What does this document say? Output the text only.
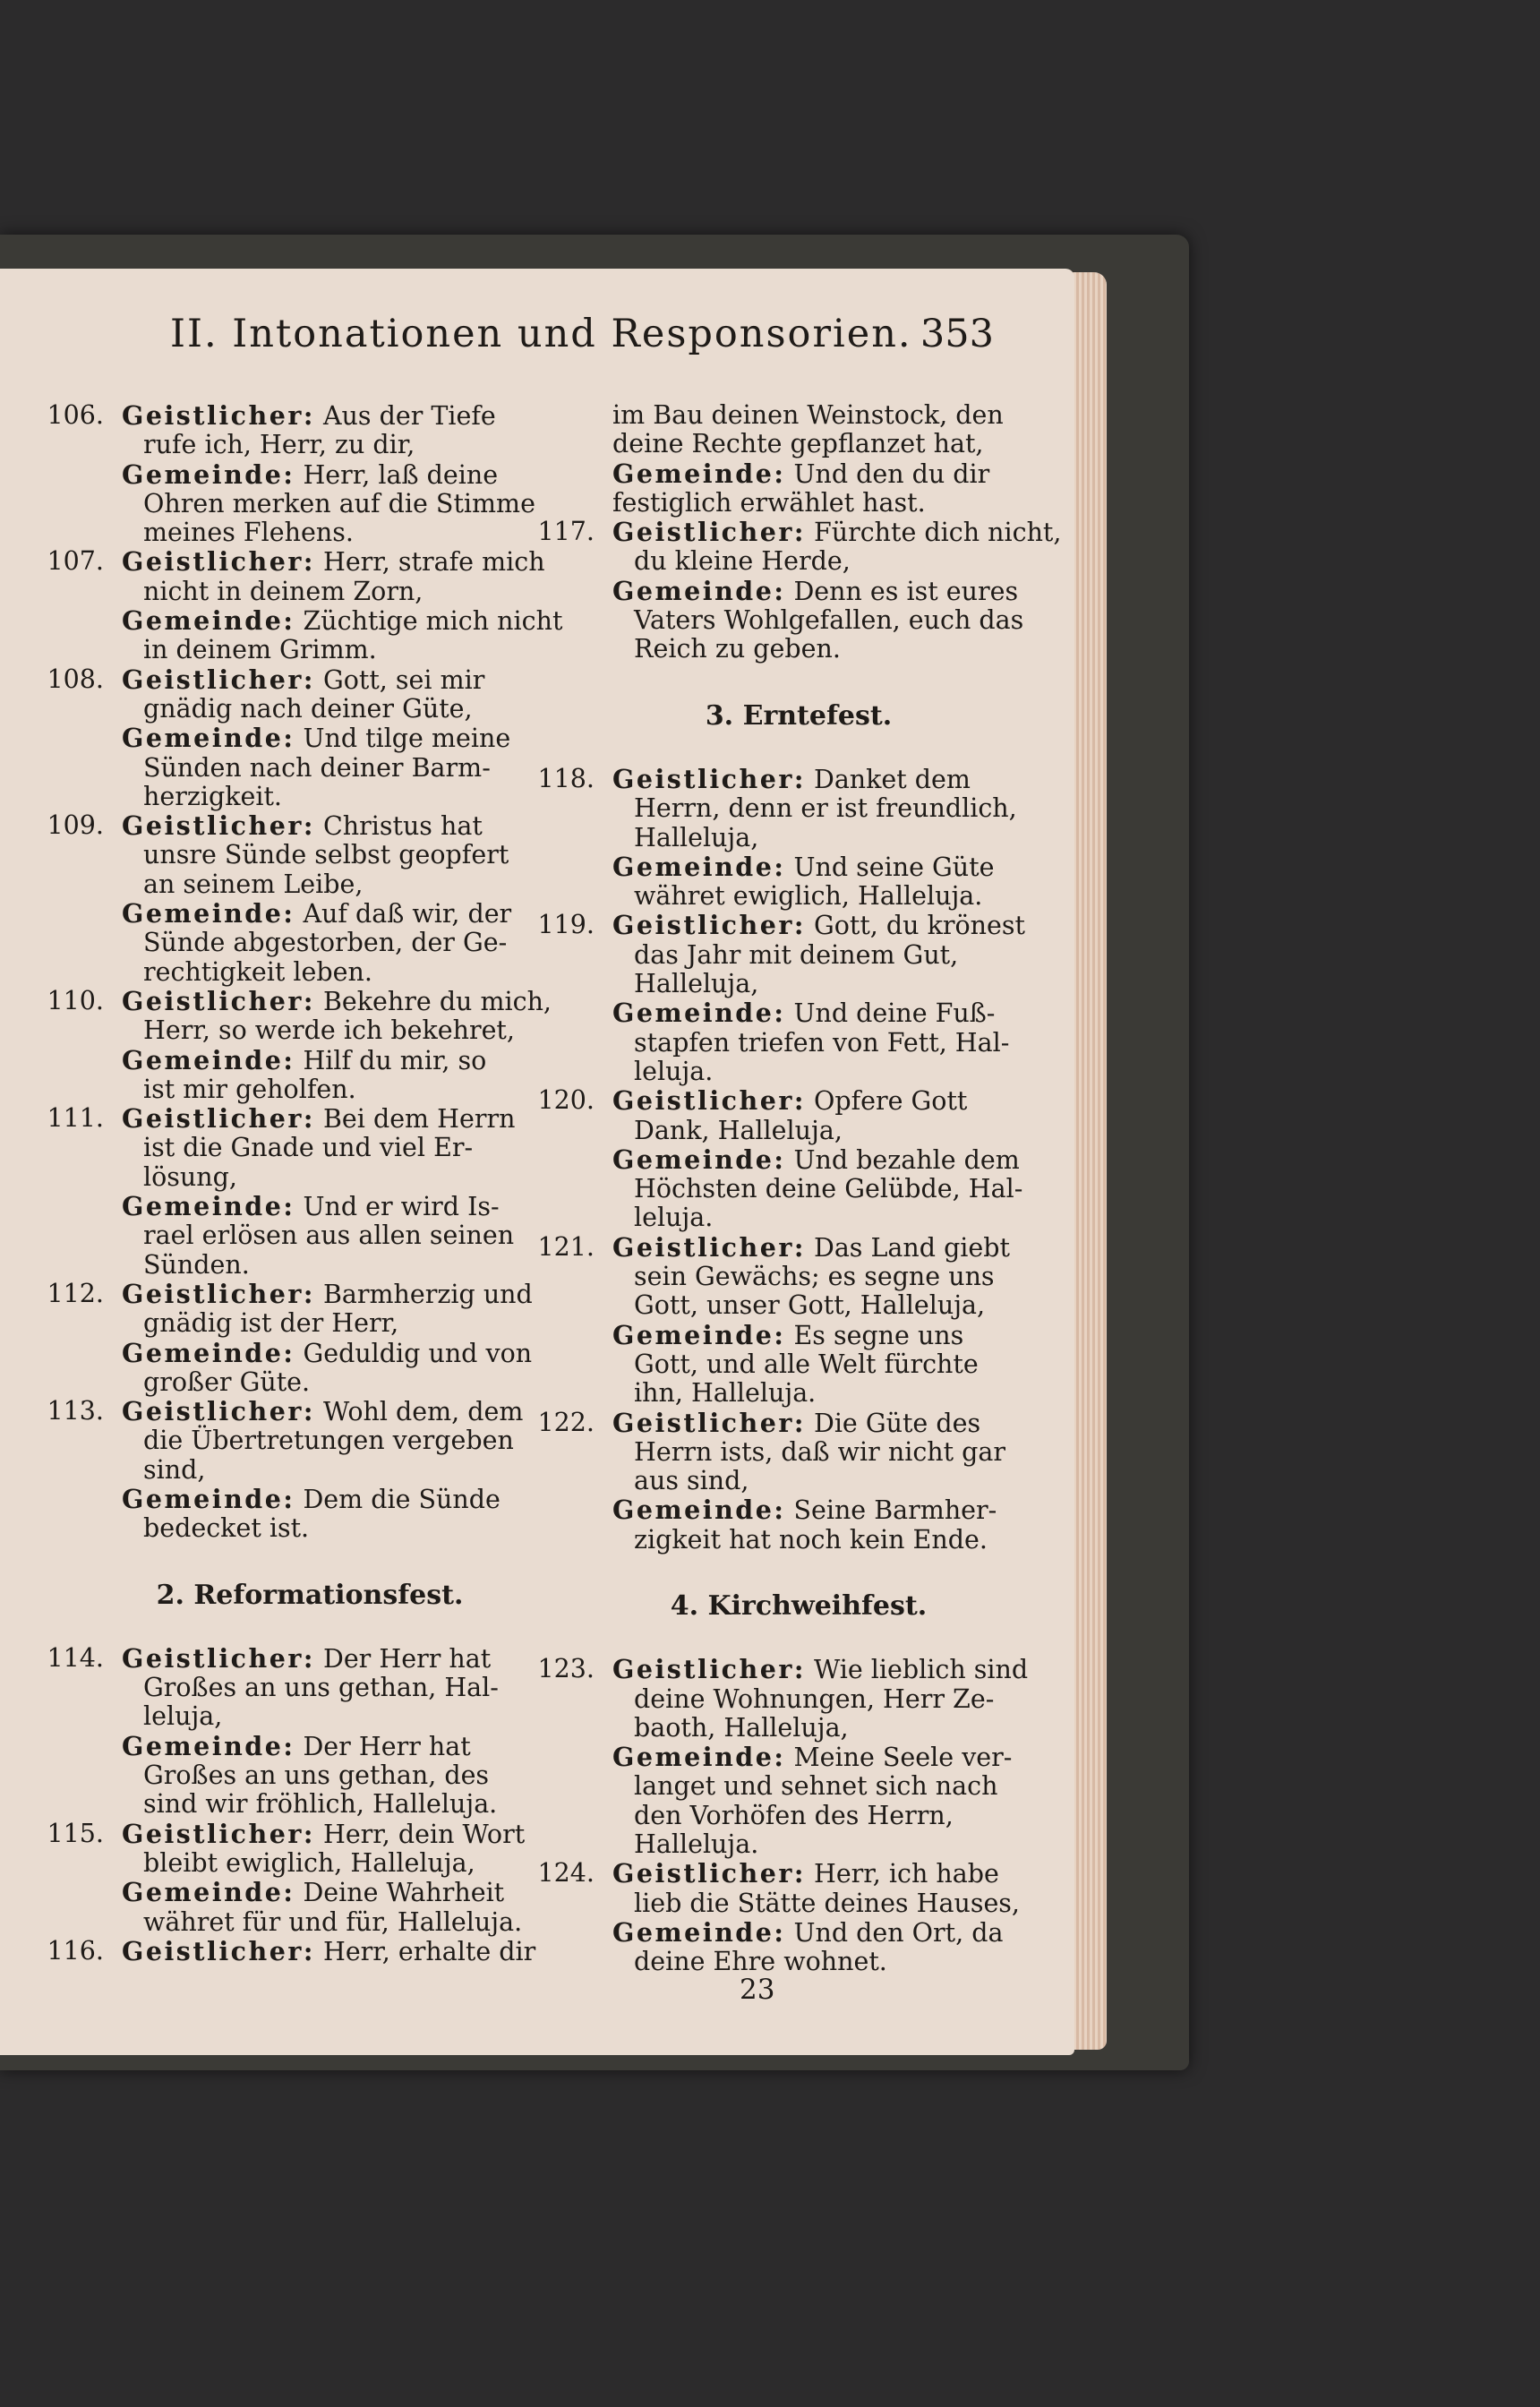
II. Intonationen und Responsorien. 353
106. Geistlicher: Aus der Tiefe
rufe ich, Herr, zu dir,
Gemeinde: Herr, laß deine
Ohren merken auf die Stimme
meines Flehens.
107. Geistlicher: Herr, strafe mich
nicht in deinem Zorn,
Gemeinde: Züchtige mich nicht
in deinem Grimm.
108. Geistlicher: Gott, sei mir
gnädig nach deiner Güte,
Gemeinde: Und tilge meine
Sünden nach deiner Barm-
herzigkeit.
109. Geistlicher: Christus hat
unsre Sünde selbst geopfert
an seinem Leibe,
Gemeinde: Auf daß wir, der
Sünde abgestorben, der Ge-
rechtigkeit leben.
110. Geistlicher: Bekehre du mich,
Herr, so werde ich bekehret,
Gemeinde: Hilf du mir, so
ist mir geholfen.
111. Geistlicher: Bei dem Herrn
ist die Gnade und viel Er-
lösung,
Gemeinde: Und er wird Is-
rael erlösen aus allen seinen
Sünden.
112. Geistlicher: Barmherzig und
gnädig ist der Herr,
Gemeinde: Geduldig und von
großer Güte.
113. Geistlicher: Wohl dem, dem
die Übertretungen vergeben
sind,
Gemeinde: Dem die Sünde
bedecket ist.
2. Reformationsfest.
114. Geistlicher: Der Herr hat
Großes an uns gethan, Hal-
leluja,
Gemeinde: Der Herr hat
Großes an uns gethan, des
sind wir fröhlich, Halleluja.
115. Geistlicher: Herr, dein Wort
bleibt ewiglich, Halleluja,
Gemeinde: Deine Wahrheit
währet für und für, Halleluja.
116. Geistlicher: Herr, erhalte dir
im Bau deinen Weinstock, den
deine Rechte gepflanzet hat,
Gemeinde: Und den du dir
festiglich erwählet hast.
117. Geistlicher: Fürchte dich nicht,
du kleine Herde,
Gemeinde: Denn es ist eures
Vaters Wohlgefallen, euch das
Reich zu geben.
3. Erntefest.
118. Geistlicher: Danket dem
Herrn, denn er ist freundlich,
Halleluja,
Gemeinde: Und seine Güte
währet ewiglich, Halleluja.
119. Geistlicher: Gott, du krönest
das Jahr mit deinem Gut,
Halleluja,
Gemeinde: Und deine Fuß-
stapfen triefen von Fett, Hal-
leluja.
120. Geistlicher: Opfere Gott
Dank, Halleluja,
Gemeinde: Und bezahle dem
Höchsten deine Gelübde, Hal-
leluja.
121. Geistlicher: Das Land giebt
sein Gewächs; es segne uns
Gott, unser Gott, Halleluja,
Gemeinde: Es segne uns
Gott, und alle Welt fürchte
ihn, Halleluja.
122. Geistlicher: Die Güte des
Herrn ists, daß wir nicht gar
aus sind,
Gemeinde: Seine Barmher-
zigkeit hat noch kein Ende.
4. Kirchweihfest.
123. Geistlicher: Wie lieblich sind
deine Wohnungen, Herr Ze-
baoth, Halleluja,
Gemeinde: Meine Seele ver-
langet und sehnet sich nach
den Vorhöfen des Herrn,
Halleluja.
124. Geistlicher: Herr, ich habe
lieb die Stätte deines Hauses,
Gemeinde: Und den Ort, da
deine Ehre wohnet.
23
